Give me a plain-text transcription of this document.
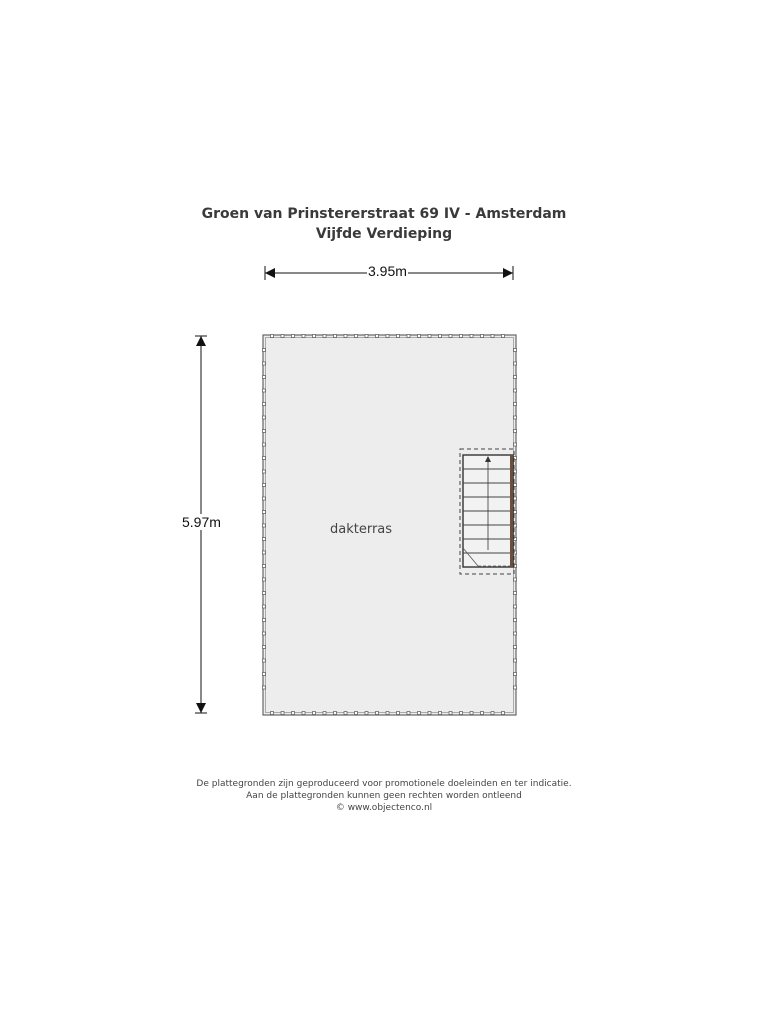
Groen van Prinstererstraat 69 IV - Amsterdam
Vijfde Verdieping
3.95m
5.97m	dakterras
De plattegronden zijn geproduceerd voor promotionele doeleinden en ter indicatie.
Aan de plattegronden kunnen geen rechten worden ontleend
© www.objectenco.nl
